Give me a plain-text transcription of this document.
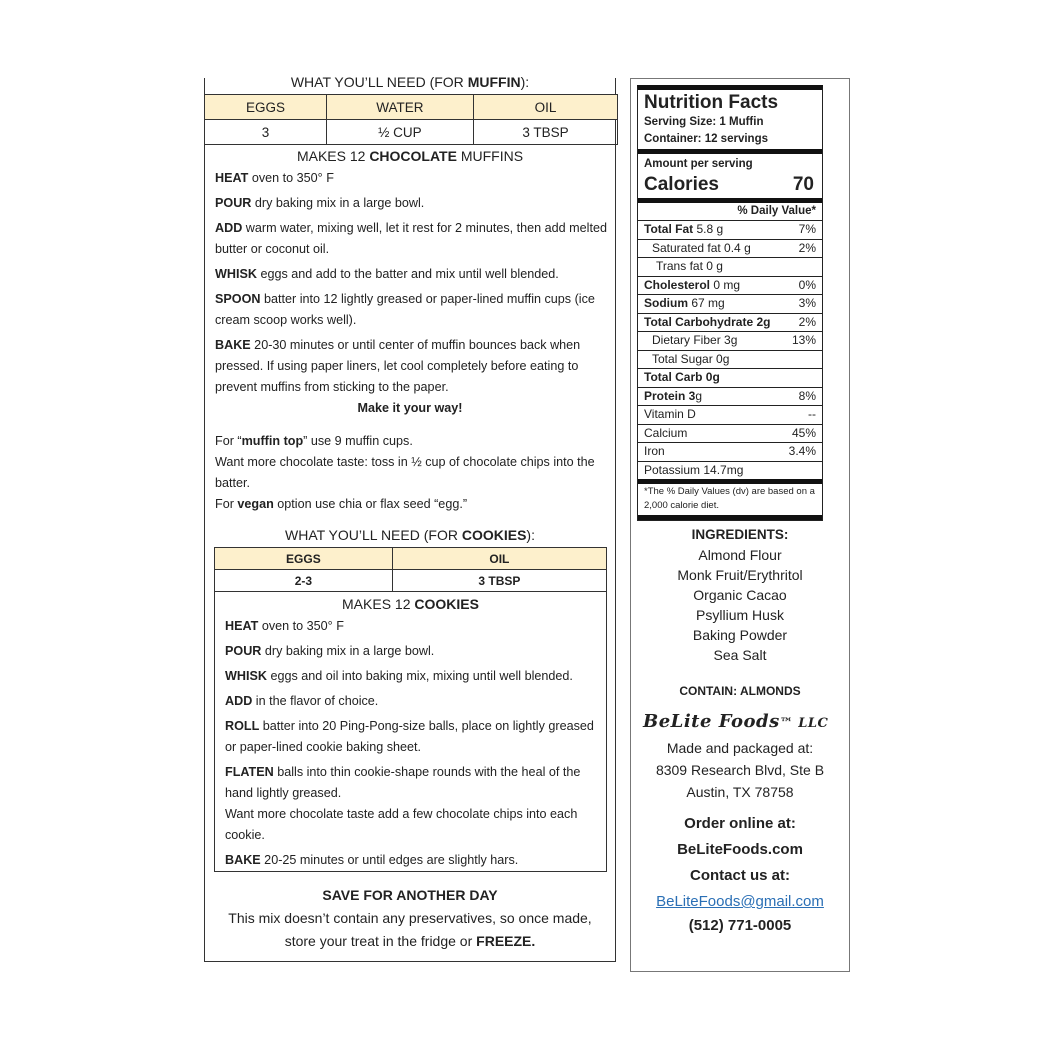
WHAT YOU’LL NEED (FOR MUFFIN):
EGGS	WATER	OIL
3	½ CUP	3 TBSP
MAKES 12 CHOCOLATE MUFFINS
HEAT oven to 350° F
POUR dry baking mix in a large bowl.
ADD warm water, mixing well, let it rest for 2 minutes, then add melted butter or coconut oil.
WHISK eggs and add to the batter and mix until well blended.
SPOON batter into 12 lightly greased or paper-lined muffin cups (ice cream scoop works well).
BAKE 20-30 minutes or until center of muffin bounces back when pressed. If using paper liners, let cool completely before eating to prevent muffins from sticking to the paper.
Make it your way!
For “muffin top” use 9 muffin cups.
Want more chocolate taste: toss in ½ cup of chocolate chips into the batter.
For vegan option use chia or flax seed “egg.”
WHAT YOU’LL NEED (FOR COOKIES):
EGGS	OIL
2-3	3 TBSP
MAKES 12 COOKIES
HEAT oven to 350° F
POUR dry baking mix in a large bowl.
WHISK eggs and oil into baking mix, mixing until well blended.
ADD in the flavor of choice.
ROLL batter into 20 Ping-Pong-size balls, place on lightly greased or paper-lined cookie baking sheet.
FLATEN balls into thin cookie-shape rounds with the heal of the hand lightly greased.
Want more chocolate taste add a few chocolate chips into each cookie.
BAKE 20-25 minutes or until edges are slightly hars.
SAVE FOR ANOTHER DAY
This mix doesn’t contain any preservatives, so once made,
store your treat in the fridge or FREEZE.
Nutrition Facts
Serving Size: 1 Muffin
Container: 12 servings
Amount per serving
Calories	70
% Daily Value*
Total Fat 5.8 g	7%
Saturated fat 0.4 g	2%
Trans fat 0 g
Cholesterol 0 mg	0%
Sodium 67 mg	3%
Total Carbohydrate 2g 2%
Dietary Fiber 3g	13%
Total Sugar 0g
Total Carb 0g
Protein 3g	8%
Vitamin D	--
Calcium	45%
Iron	3.4%
Potassium 14.7mg
*The % Daily Values (dv) are based on a 2,000 calorie diet.
INGREDIENTS:
Almond Flour
Monk Fruit/Erythritol
Organic Cacao
Psyllium Husk
Baking Powder
Sea Salt
CONTAIN: ALMONDS
BeLite Foods™ LLC
Made and packaged at:
8309 Research Blvd, Ste B
Austin, TX 78758
Order online at:
BeLiteFoods.com
Contact us at:
BeLiteFoods@gmail.com
(512) 771-0005
